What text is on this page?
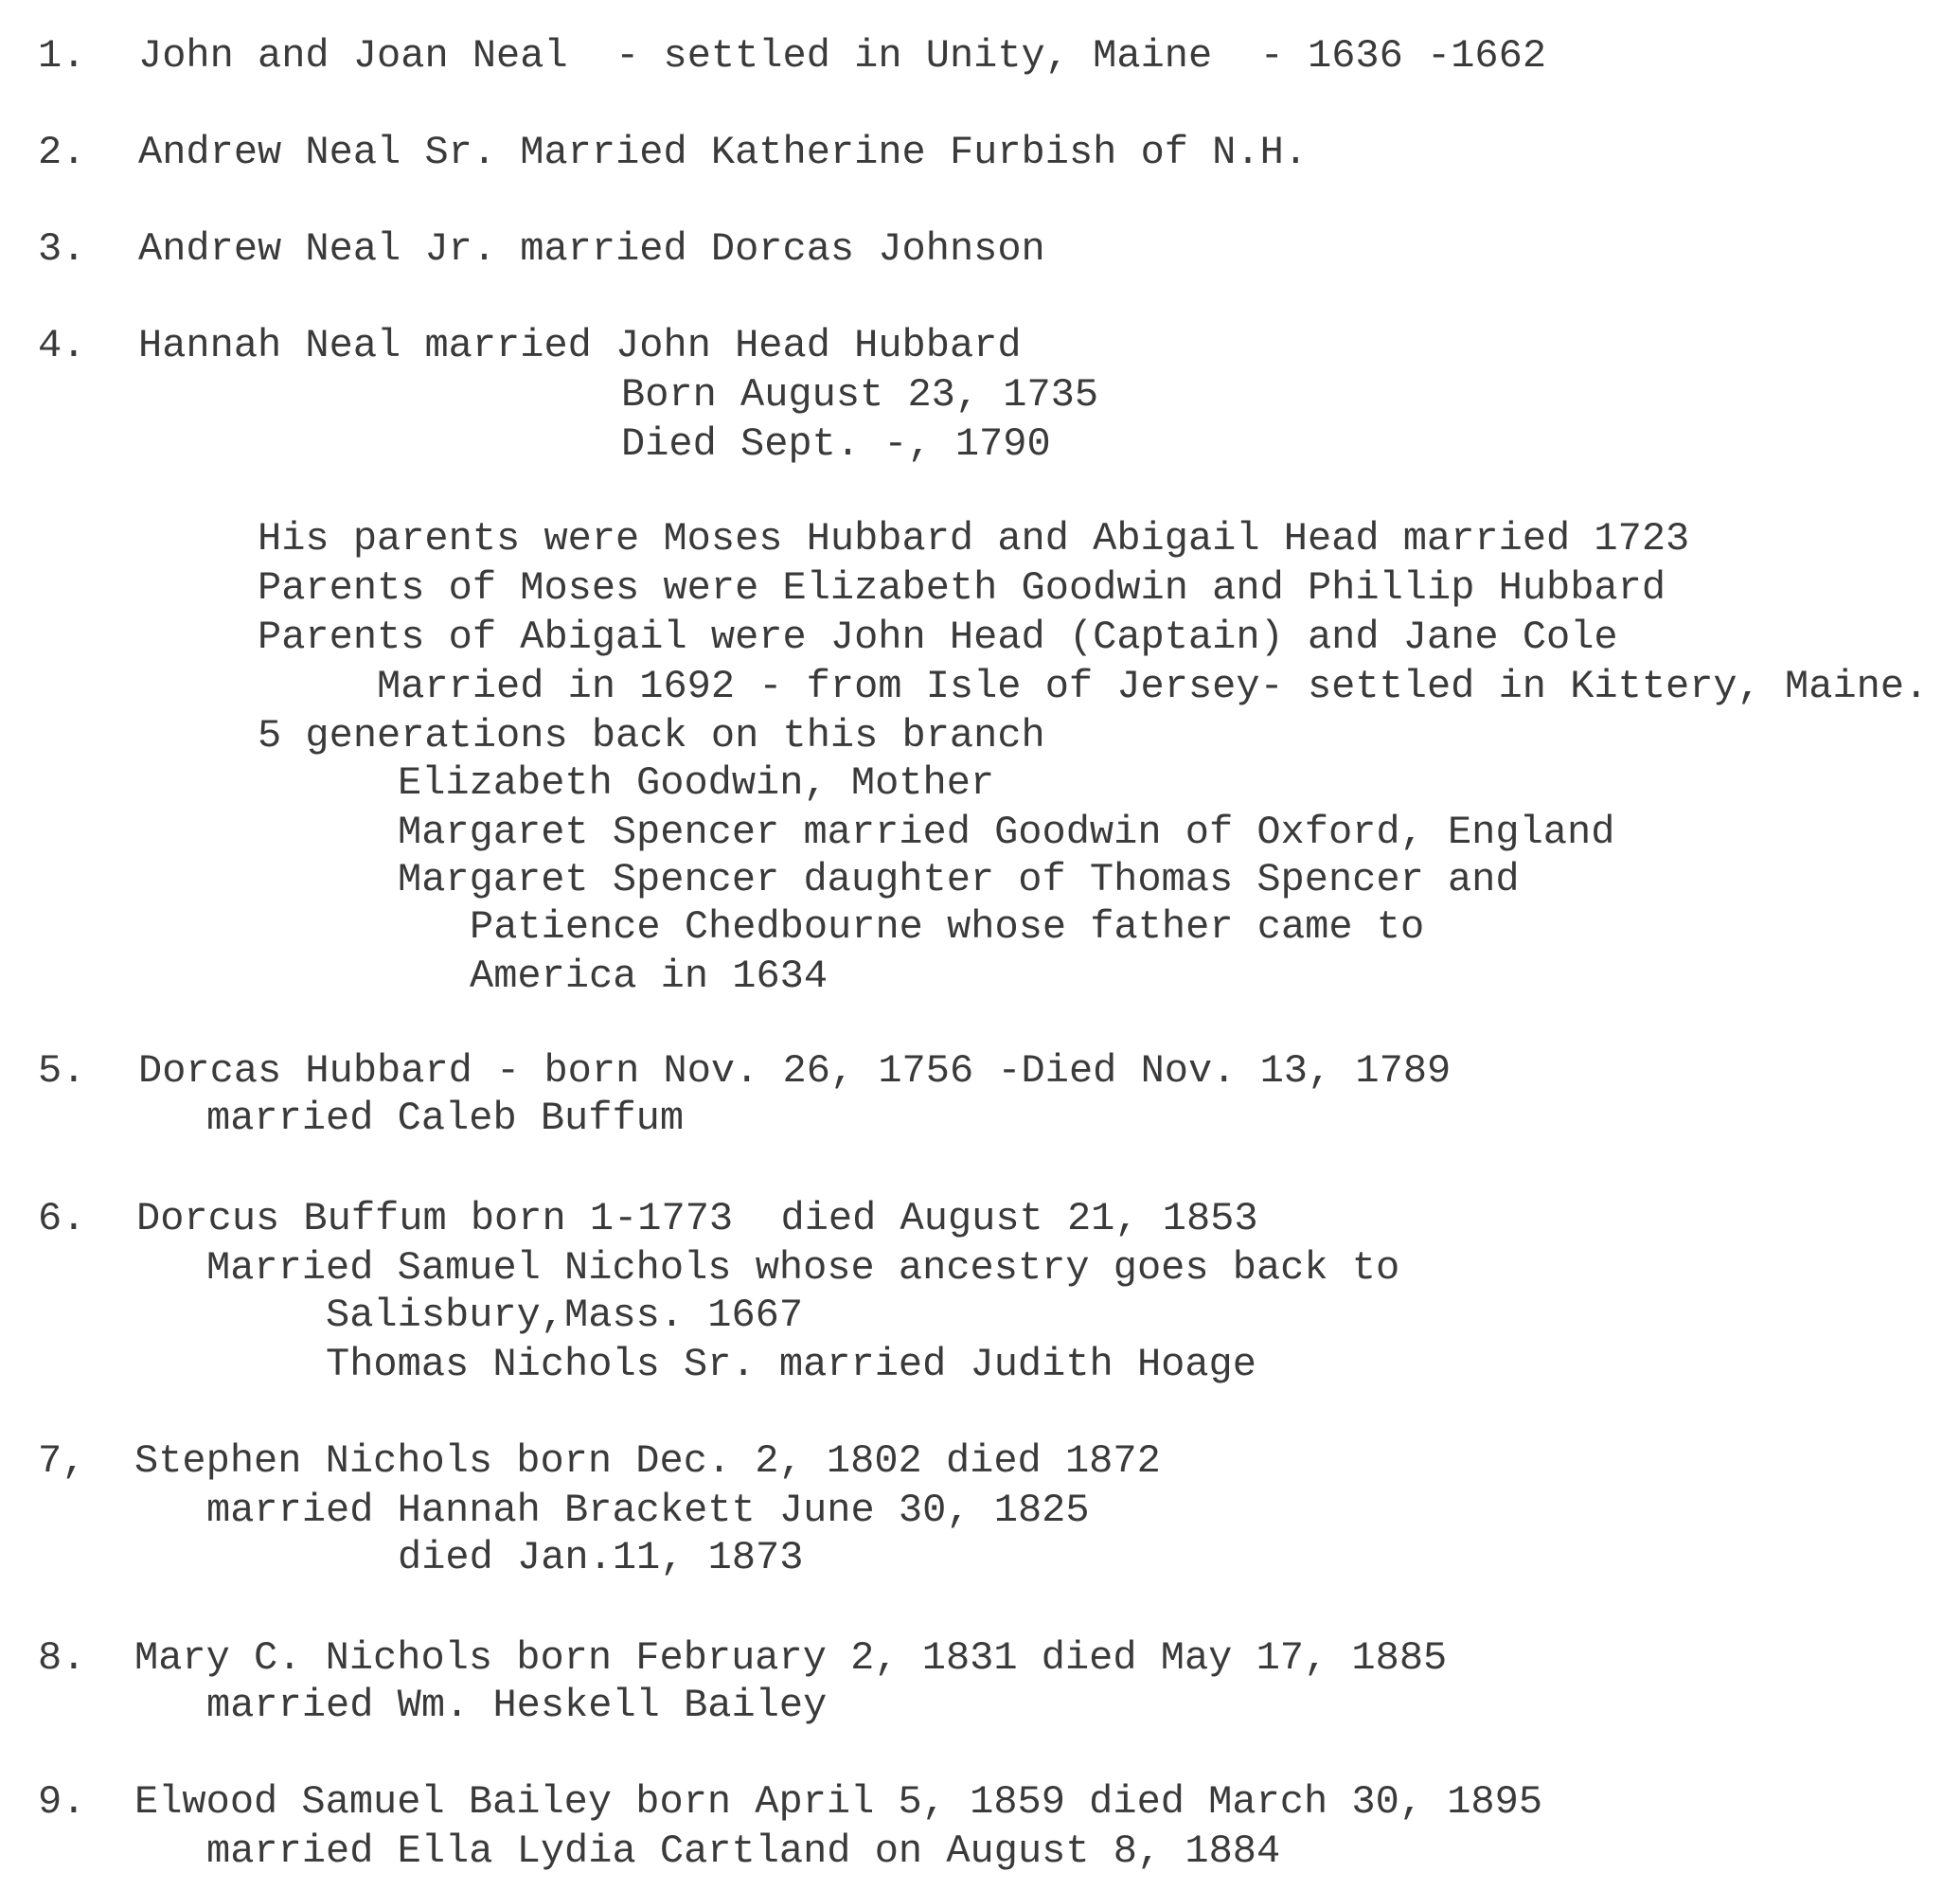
1. John and Joan Neal  - settled in Unity, Maine  - 1636 -1662
2. Andrew Neal Sr. Married Katherine Furbish of N.H.
3. Andrew Neal Jr. married Dorcas Johnson
4. Hannah Neal married John Head Hubbard
Born August 23, 1735
Died Sept. -, 1790
His parents were Moses Hubbard and Abigail Head married 1723
Parents of Moses were Elizabeth Goodwin and Phillip Hubbard
Parents of Abigail were John Head (Captain) and Jane Cole
Married in 1692 - from Isle of Jersey- settled in Kittery, Maine.
5 generations back on this branch
Elizabeth Goodwin, Mother
Margaret Spencer married Goodwin of Oxford, England
Margaret Spencer daughter of Thomas Spencer and
Patience Chedbourne whose father came to
America in 1634
5. Dorcas Hubbard - born Nov. 26, 1756 -Died Nov. 13, 1789
married Caleb Buffum
6. Dorcus Buffum born 1-1773  died August 21, 1853
Married Samuel Nichols whose ancestry goes back to
Salisbury,Mass. 1667
Thomas Nichols Sr. married Judith Hoage
7, Stephen Nichols born Dec. 2, 1802 died 1872
married Hannah Brackett June 30, 1825
died Jan.11, 1873
8. Mary C. Nichols born February 2, 1831 died May 17, 1885
married Wm. Heskell Bailey
9. Elwood Samuel Bailey born April 5, 1859 died March 30, 1895
married Ella Lydia Cartland on August 8, 1884
